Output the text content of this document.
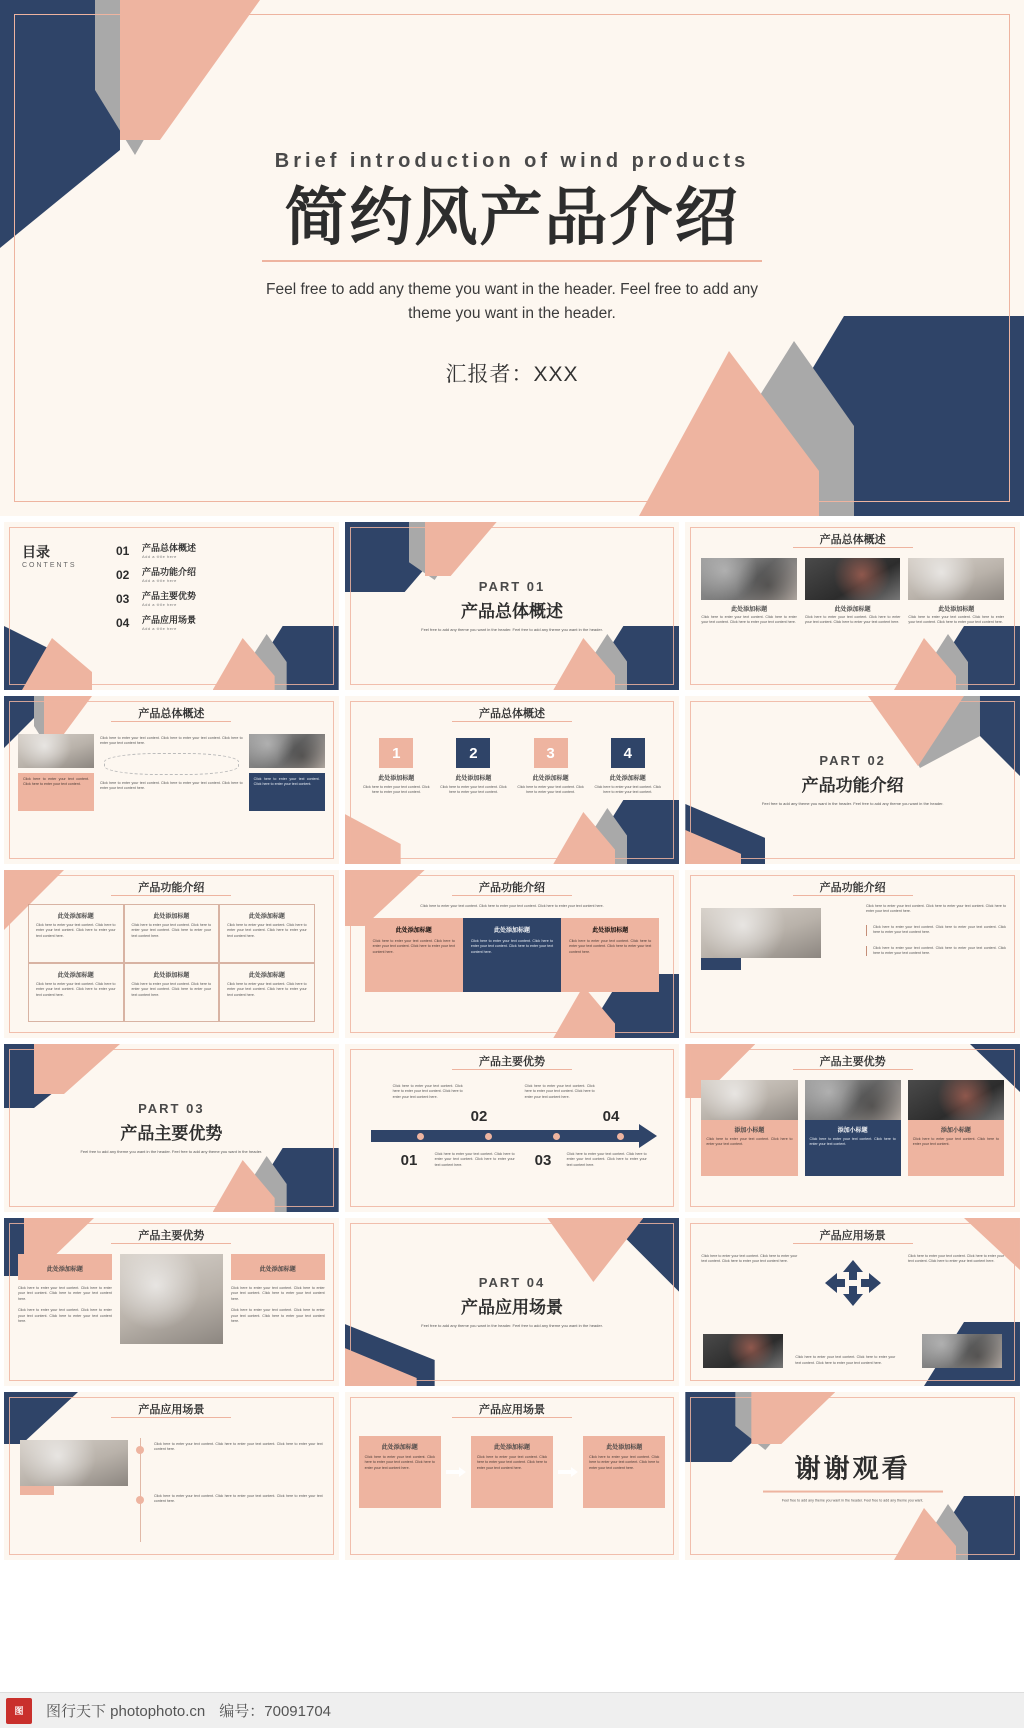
Brief introduction of wind products
简约风产品介绍
Feel free to add any theme you want in the header. Feel free to add any theme you want in the header.
汇报者：XXX
目录
CONTENTS
01	产品总体概述
Add a title here
02	产品功能介绍
Add a title here
03	产品主要优势
Add a title here
04	产品应用场景
Add a title here
PART 01
产品总体概述
Feel free to add any theme you want in the header. Feel free to add any theme you want in the header.
产品总体概述
此处添加标题
Click here to enter your text content. Click here to enter your text content. Click here to enter your text content here.
此处添加标题
Click here to enter your text content. Click here to enter your text content. Click here to enter your text content here.
此处添加标题
Click here to enter your text content. Click here to enter your text content. Click here to enter your text content here.
产品总体概述
Click here to enter your text content. Click here to enter your text content.
Click here to enter your text content. Click here to enter your text content.
Click here to enter your text content. Click here to enter your text content. Click here to enter your text content here.
Click here to enter your text content. Click here to enter your text content. Click here to enter your text content here.
产品总体概述
1
此处添加标题
Click here to enter your text content. Click here to enter your text content.
2
此处添加标题
Click here to enter your text content. Click here to enter your text content.
3
此处添加标题
Click here to enter your text content. Click here to enter your text content.
4
此处添加标题
Click here to enter your text content. Click here to enter your text content.
PART 02
产品功能介绍
Feel free to add any theme you want in the header. Feel free to add any theme you want in the header.
产品功能介绍
此处添加标题
Click here to enter your text content. Click here to enter your text content. Click here to enter your text content here.
此处添加标题
Click here to enter your text content. Click here to enter your text content. Click here to enter your text content here.
此处添加标题
Click here to enter your text content. Click here to enter your text content. Click here to enter your text content here.
此处添加标题
Click here to enter your text content. Click here to enter your text content. Click here to enter your text content here.
此处添加标题
Click here to enter your text content. Click here to enter your text content. Click here to enter your text content here.
此处添加标题
Click here to enter your text content. Click here to enter your text content. Click here to enter your text content here.
产品功能介绍
Click here to enter your text content. Click here to enter your text content. Click here to enter your text content here.
此处添加标题
Click here to enter your text content. Click here to enter your text content. Click here to enter your text content here.
此处添加标题
Click here to enter your text content. Click here to enter your text content. Click here to enter your text content here.
此处添加标题
Click here to enter your text content. Click here to enter your text content. Click here to enter your text content here.
产品功能介绍
Click here to enter your text content. Click here to enter your text content. Click here to enter your text content here.
Click here to enter your text content. Click here to enter your text content. Click here to enter your text content here.
Click here to enter your text content. Click here to enter your text content. Click here to enter your text content here.
PART 03
产品主要优势
Feel free to add any theme you want in the header. Feel free to add any theme you want in the header.
产品主要优势
Click here to enter your text content. Click here to enter your text content. Click here to enter your text content here.
Click here to enter your text content. Click here to enter your text content. Click here to enter your text content here.
02	04
01	03
Click here to enter your text content. Click here to enter your text content. Click here to enter your text content here.
Click here to enter your text content. Click here to enter your text content. Click here to enter your text content here.
产品主要优势
添加小标题
Click here to enter your text content. Click here to enter your text content.
添加小标题
Click here to enter your text content. Click here to enter your text content.
添加小标题
Click here to enter your text content. Click here to enter your text content.
产品主要优势
此处添加标题
Click here to enter your text content. Click here to enter your text content. Click here to enter your text content here.
Click here to enter your text content. Click here to enter your text content. Click here to enter your text content here.
此处添加标题
Click here to enter your text content. Click here to enter your text content. Click here to enter your text content here.
Click here to enter your text content. Click here to enter your text content. Click here to enter your text content here.
PART 04
产品应用场景
Feel free to add any theme you want in the header. Feel free to add any theme you want in the header.
产品应用场景
Click here to enter your text content. Click here to enter your text content. Click here to enter your text content here.
Click here to enter your text content. Click here to enter your text content. Click here to enter your text content here.
Click here to enter your text content. Click here to enter your text content. Click here to enter your text content here.
产品应用场景
Click here to enter your text content. Click here to enter your text content. Click here to enter your text content here.
Click here to enter your text content. Click here to enter your text content. Click here to enter your text content here.
产品应用场景
此处添加标题
Click here to enter your text content. Click here to enter your text content. Click here to enter your text content here.
此处添加标题
Click here to enter your text content. Click here to enter your text content. Click here to enter your text content here.
此处添加标题
Click here to enter your text content. Click here to enter your text content. Click here to enter your text content here.	谢谢观看
Feel free to add any theme you want in the header. Feel free to add any theme you want.
图	图行天下 photophoto.cn 编号：70091704
